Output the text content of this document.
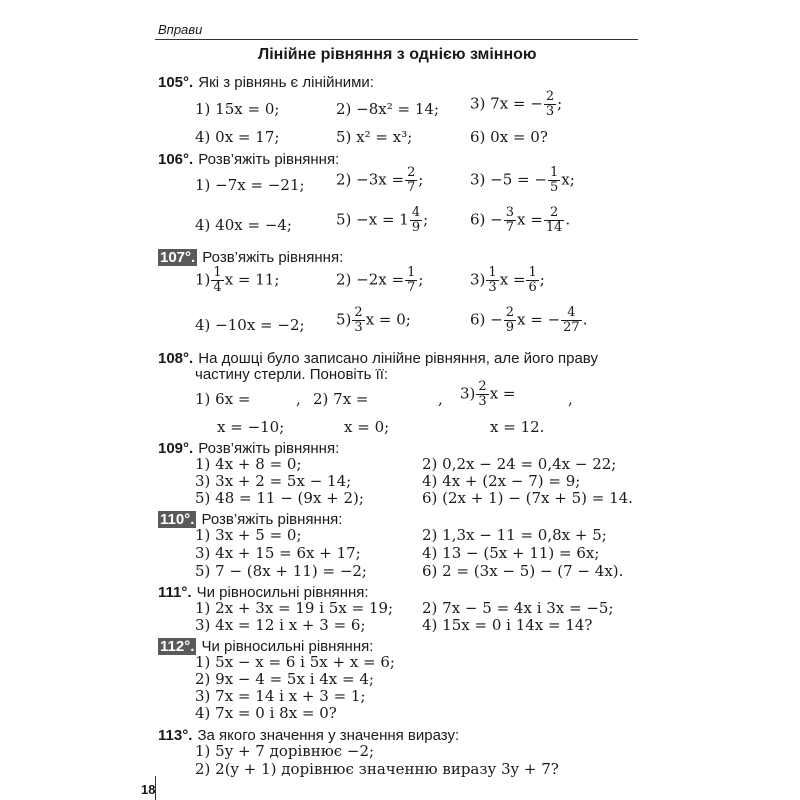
Вправи
Лінійне рівняння з однією змінною
105°. Які з рівнянь є лінійними:
1) 15x = 0;	2) −8x² = 14; 3) 7x = − $\frac{2}{3}$ ;
4) 0x = 17;	5) x² = x³;	6) 0x = 0?
106°. Розв’яжіть рівняння:
1) −7x = −21; $2) -3x = \frac{2}{7}$ ;	3) −5 = − $\frac{1}{5} x$;
4) 40x = −4;	$5) -x = 1 \frac{4}{9}$ ;	$6) - \frac{3}{7}$ $x = \frac{2}{14}$ .
107°. Розв’яжіть рівняння:
$1) \frac{1}{4}$ x = 11;	$2) -2x = \frac{1}{7}$ ;	$3) \frac{1}{3}$ $x = \frac{1}{6}$ ;
4) −10x = −2; $5) \frac{2}{3}$ x = 0;	$6) - \frac{2}{9}$ x = − $\frac{4}{27}$ .
108°. На дошці було записано лінійне рівняння, але його праву
частину стерли. Поновіть її:
1) 6x =	, 2) 7x =	, $3) \frac{2}{3}$ x =	,
x = −10;	x = 0;	x = 12.
109°. Розв’яжіть рівняння:
1) 4x + 8 = 0;	2) 0,2x − 24 = 0,4x − 22;
3) 3x + 2 = 5x − 14;	4) 4x + (2x − 7) = 9;
5) 48 = 11 − (9x + 2);	6) (2x + 1) − (7x + 5) = 14.
110°. Розв’яжіть рівняння:
1) 3x + 5 = 0;	2) 1,3x − 11 = 0,8x + 5;
3) 4x + 15 = 6x + 17;	4) 13 − (5x + 11) = 6x;
5) 7 − (8x + 11) = −2;	6) 2 = (3x − 5) − (7 − 4x).
111°. Чи рівносильні рівняння:
1) 2x + 3x = 19 і 5x = 19; 2) 7x − 5 = 4x і 3x = −5;
3) 4x = 12 і x + 3 = 6;	4) 15x = 0 і 14x = 14?
112°. Чи рівносильні рівняння:
1) 5x − x = 6 і 5x + x = 6;
2) 9x − 4 = 5x і 4x = 4;
3) 7x = 14 і x + 3 = 1;
4) 7x = 0 і 8x = 0?
113°. За якого значення y значення виразу:
1) 5y + 7 дорівнює −2;
2) 2(y + 1) дорівнює значенню виразу 3y + 7?
18
